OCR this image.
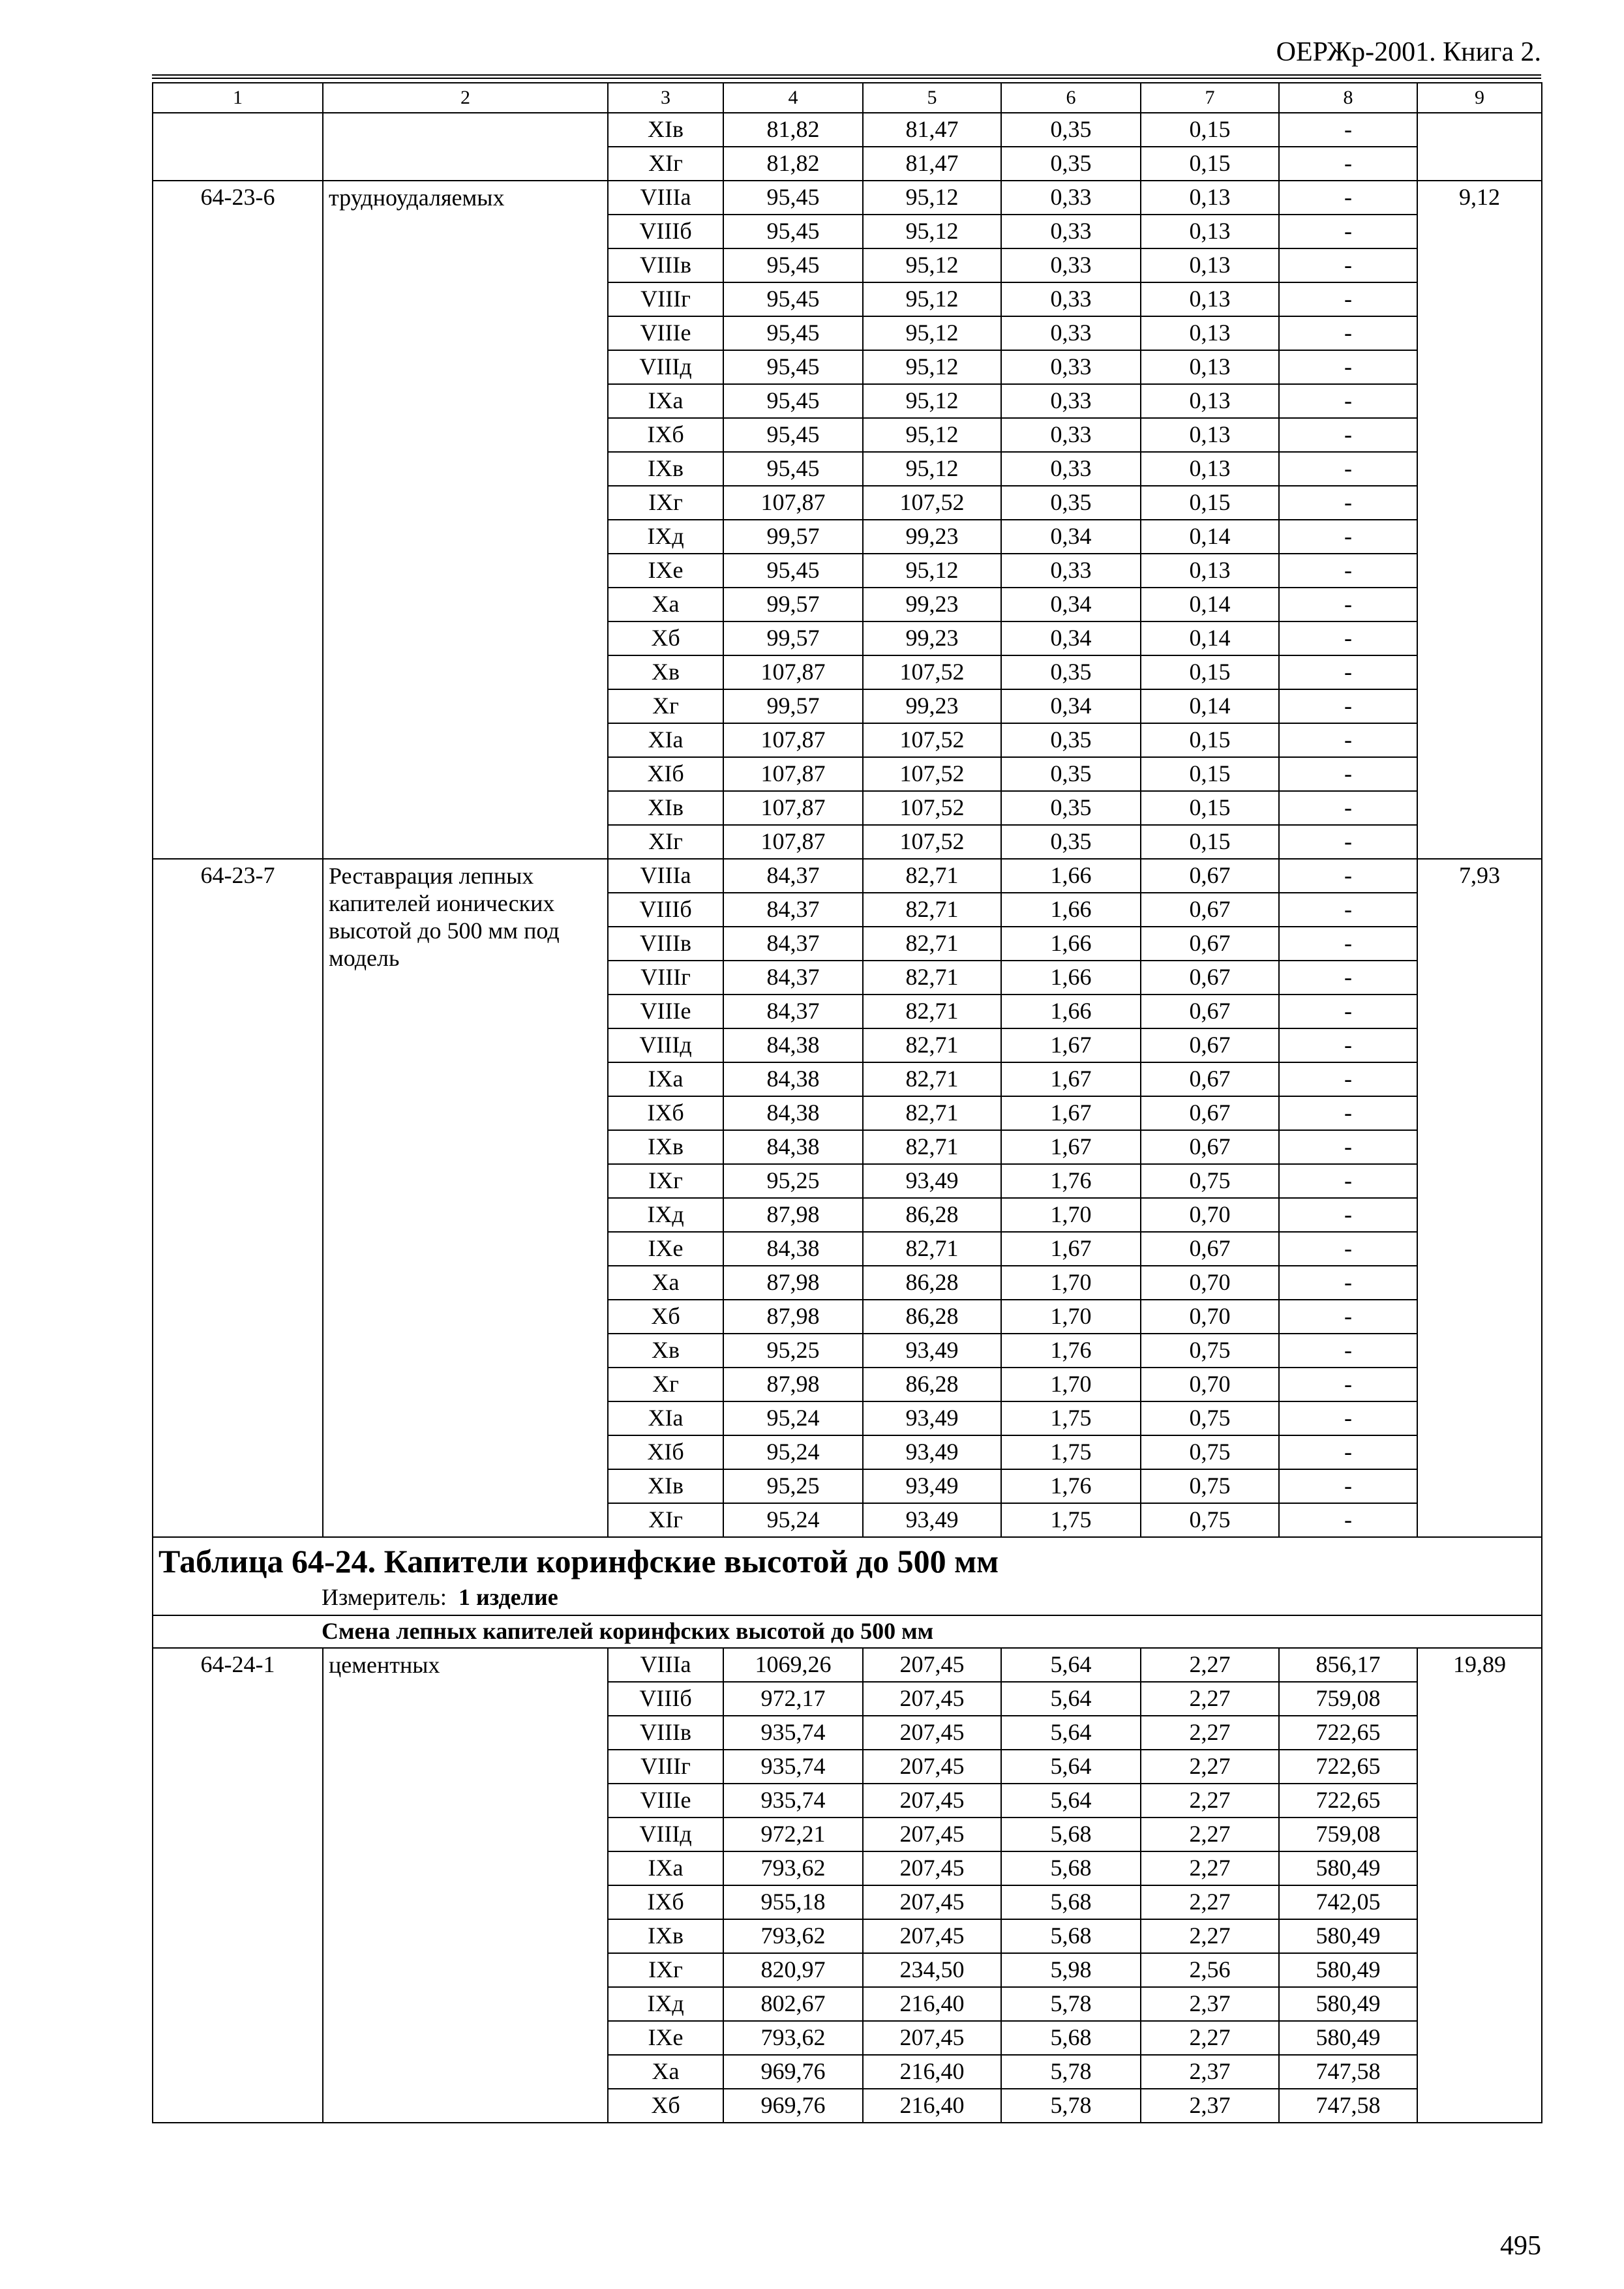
ОЕРЖр-2001. Книга 2.
1	2	3	4	5	6	7	8	9
		XIв	81,82	81,47	0,35	0,15	-	
		XIг	81,82	81,47	0,35	0,15	-	
64-23-6	трудноудаляемых	VIIIа	95,45	95,12	0,33	0,13	-	9,12
		VIIIб	95,45	95,12	0,33	0,13	-	
		VIIIв	95,45	95,12	0,33	0,13	-	
		VIIIг	95,45	95,12	0,33	0,13	-	
		VIIIе	95,45	95,12	0,33	0,13	-	
		VIIIд	95,45	95,12	0,33	0,13	-	
		IXа	95,45	95,12	0,33	0,13	-	
		IXб	95,45	95,12	0,33	0,13	-	
		IXв	95,45	95,12	0,33	0,13	-	
		IXг	107,87	107,52	0,35	0,15	-	
		IXд	99,57	99,23	0,34	0,14	-	
		IXе	95,45	95,12	0,33	0,13	-	
		Xа	99,57	99,23	0,34	0,14	-	
		Xб	99,57	99,23	0,34	0,14	-	
		Xв	107,87	107,52	0,35	0,15	-	
		Xг	99,57	99,23	0,34	0,14	-	
		XIа	107,87	107,52	0,35	0,15	-	
		XIб	107,87	107,52	0,35	0,15	-	
		XIв	107,87	107,52	0,35	0,15	-	
		XIг	107,87	107,52	0,35	0,15	-	
64-23-7	Реставрация лепных капителей ионических высотой до 500 мм под модель	VIIIа	84,37	82,71	1,66	0,67	-	7,93
		VIIIб	84,37	82,71	1,66	0,67	-	
		VIIIв	84,37	82,71	1,66	0,67	-	
		VIIIг	84,37	82,71	1,66	0,67	-	
		VIIIе	84,37	82,71	1,66	0,67	-	
		VIIIд	84,38	82,71	1,67	0,67	-	
		IXа	84,38	82,71	1,67	0,67	-	
		IXб	84,38	82,71	1,67	0,67	-	
		IXв	84,38	82,71	1,67	0,67	-	
		IXг	95,25	93,49	1,76	0,75	-	
		IXд	87,98	86,28	1,70	0,70	-	
		IXе	84,38	82,71	1,67	0,67	-	
		Xа	87,98	86,28	1,70	0,70	-	
		Xб	87,98	86,28	1,70	0,70	-	
		Xв	95,25	93,49	1,76	0,75	-	
		Xг	87,98	86,28	1,70	0,70	-	
		XIа	95,24	93,49	1,75	0,75	-	
		XIб	95,24	93,49	1,75	0,75	-	
		XIв	95,25	93,49	1,76	0,75	-	
		XIг	95,24	93,49	1,75	0,75	-	

Таблица 64-24. Капители коринфские высотой до 500 мм
Измеритель: 1 изделие								

Смена лепных капителей коринфских высотой до 500 мм								
64-24-1	цементных	VIIIа	1069,26	207,45	5,64	2,27	856,17	19,89
		VIIIб	972,17	207,45	5,64	2,27	759,08	
		VIIIв	935,74	207,45	5,64	2,27	722,65	
		VIIIг	935,74	207,45	5,64	2,27	722,65	
		VIIIе	935,74	207,45	5,64	2,27	722,65	
		VIIIд	972,21	207,45	5,68	2,27	759,08	
		IXа	793,62	207,45	5,68	2,27	580,49	
		IXб	955,18	207,45	5,68	2,27	742,05	
		IXв	793,62	207,45	5,68	2,27	580,49	
		IXг	820,97	234,50	5,98	2,56	580,49	
		IXд	802,67	216,40	5,78	2,37	580,49	
		IXе	793,62	207,45	5,68	2,27	580,49	
		Xа	969,76	216,40	5,78	2,37	747,58	
		Xб	969,76	216,40	5,78	2,37	747,58	
495
